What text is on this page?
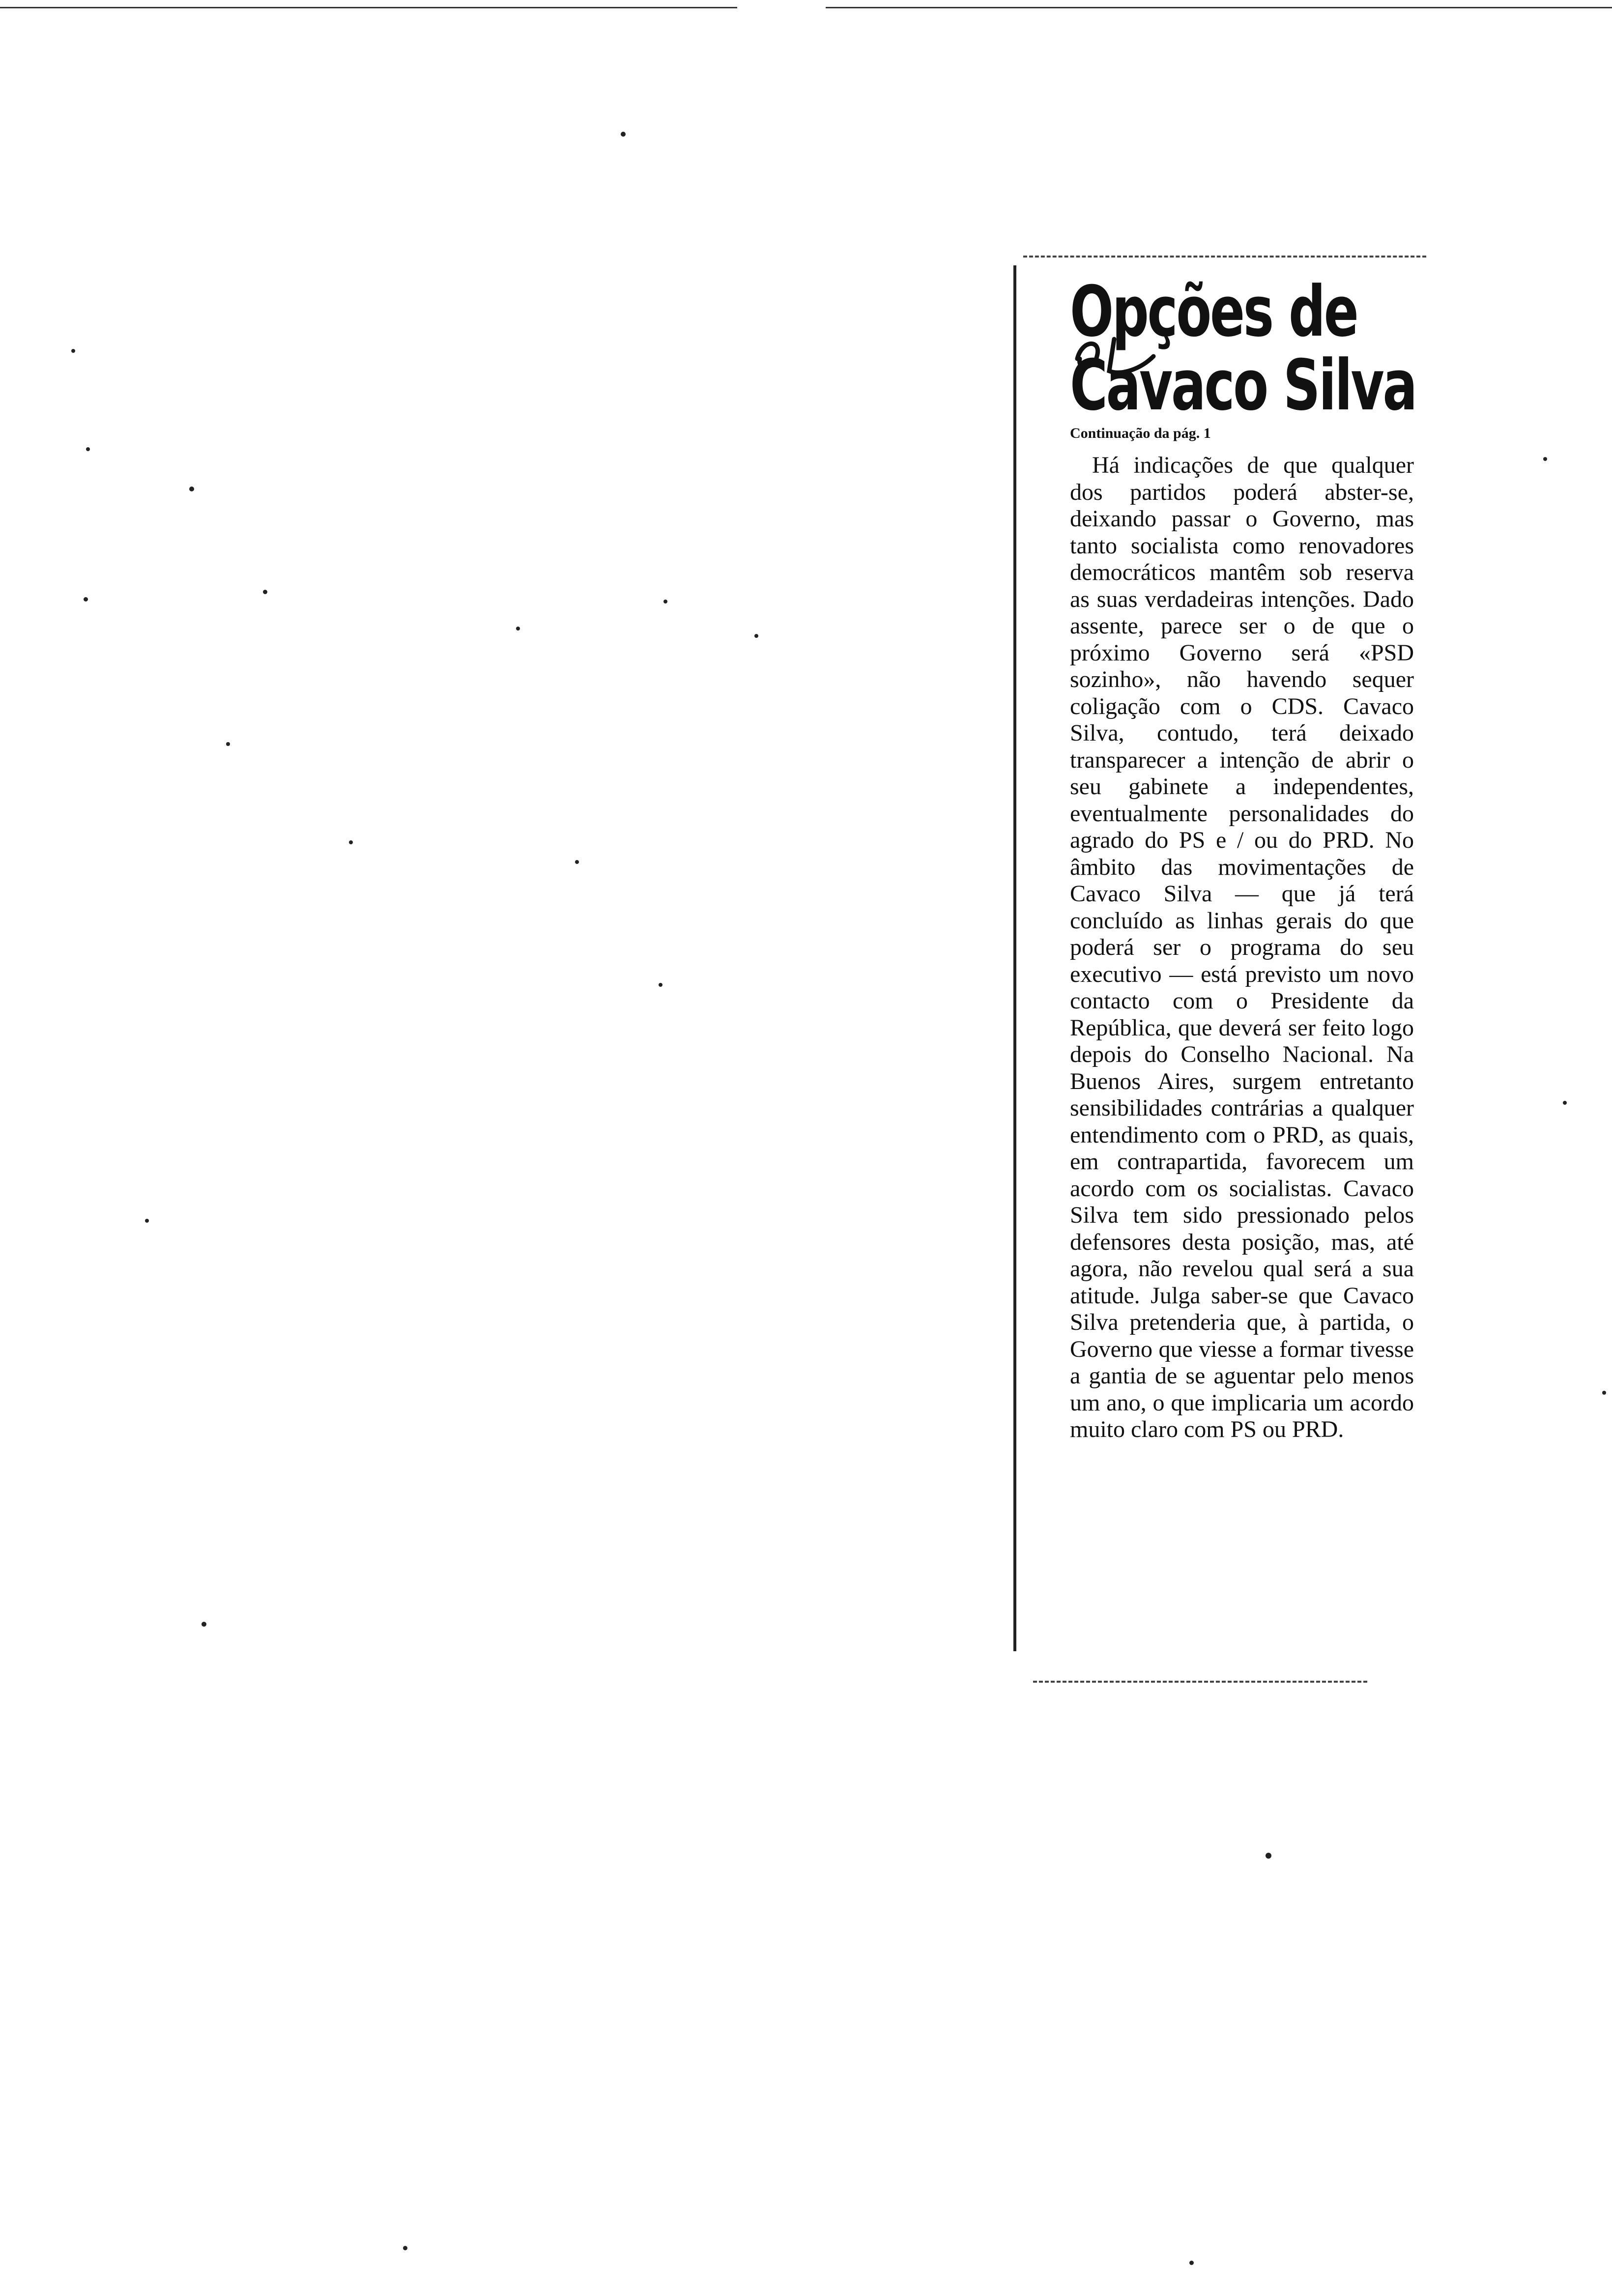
Opções de
Cavaco Silva
Continuação da pág. 1

Há indicações de que qualquer dos partidos poderá abster-se, deixando passar o Governo, mas tanto socialista como renovadores democráticos mantêm sob reserva as suas verdadeiras intenções. Dado assente, parece ser o de que o próximo Governo será «PSD sozinho», não havendo sequer coligação com o CDS. Cavaco Silva, contudo, terá deixado transparecer a intenção de abrir o seu gabinete a independentes, eventualmente personalidades do agrado do PS e / ou do PRD. No âmbito das movimentações de Cavaco Silva — que já terá concluído as linhas gerais do que poderá ser o programa do seu executivo — está previsto um novo contacto com o Presidente da República, que deverá ser feito logo depois do Conselho Nacional. Na Buenos Aires, surgem entretanto sensibilidades contrárias a qualquer entendimento com o PRD, as quais, em contrapartida, favorecem um acordo com os socialistas. Cavaco Silva tem sido pressionado pelos defensores desta posição, mas, até agora, não revelou qual será a sua atitude. Julga saber-se que Cavaco Silva pretenderia que, à partida, o Governo que viesse a formar tivesse a gantia de se aguentar pelo menos um ano, o que implicaria um acordo muito claro com PS ou PRD.
